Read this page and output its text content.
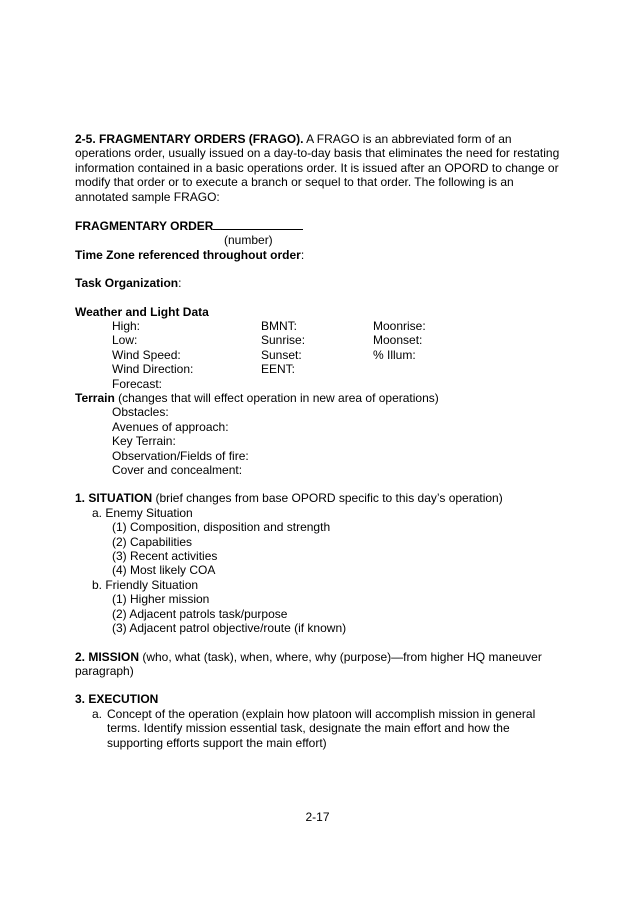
2-5. FRAGMENTARY ORDERS (FRAGO). A FRAGO is an abbreviated form of an operations order, usually issued on a day-to-day basis that eliminates the need for restating information contained in a basic operations order. It is issued after an OPORD to change or modify that order or to execute a branch or sequel to that order. The following is an annotated sample FRAGO:

FRAGMENTARY ORDER

(number)

Time Zone referenced throughout order:

Task Organization:

Weather and Light Data

High:	BMNT:	Moonrise:
Low:	Sunrise:	Moonset:
Wind Speed:	Sunset:	% Illum:
Wind Direction:	EENT:
Forecast:

Terrain (changes that will effect operation in new area of operations)

Obstacles:

Avenues of approach:

Key Terrain:

Observation/Fields of fire:

Cover and concealment:

1. SITUATION (brief changes from base OPORD specific to this day’s operation)

a. Enemy Situation

(1) Composition, disposition and strength

(2) Capabilities

(3) Recent activities

(4) Most likely COA

b. Friendly Situation

(1) Higher mission

(2) Adjacent patrols task/purpose

(3) Adjacent patrol objective/route (if known)

2. MISSION (who, what (task), when, where, why (purpose)—from higher HQ maneuver paragraph)

3. EXECUTION

a. Concept of the operation (explain how platoon will accomplish mission in general terms. Identify mission essential task, designate the main effort and how the supporting efforts support the main effort)

2-17
